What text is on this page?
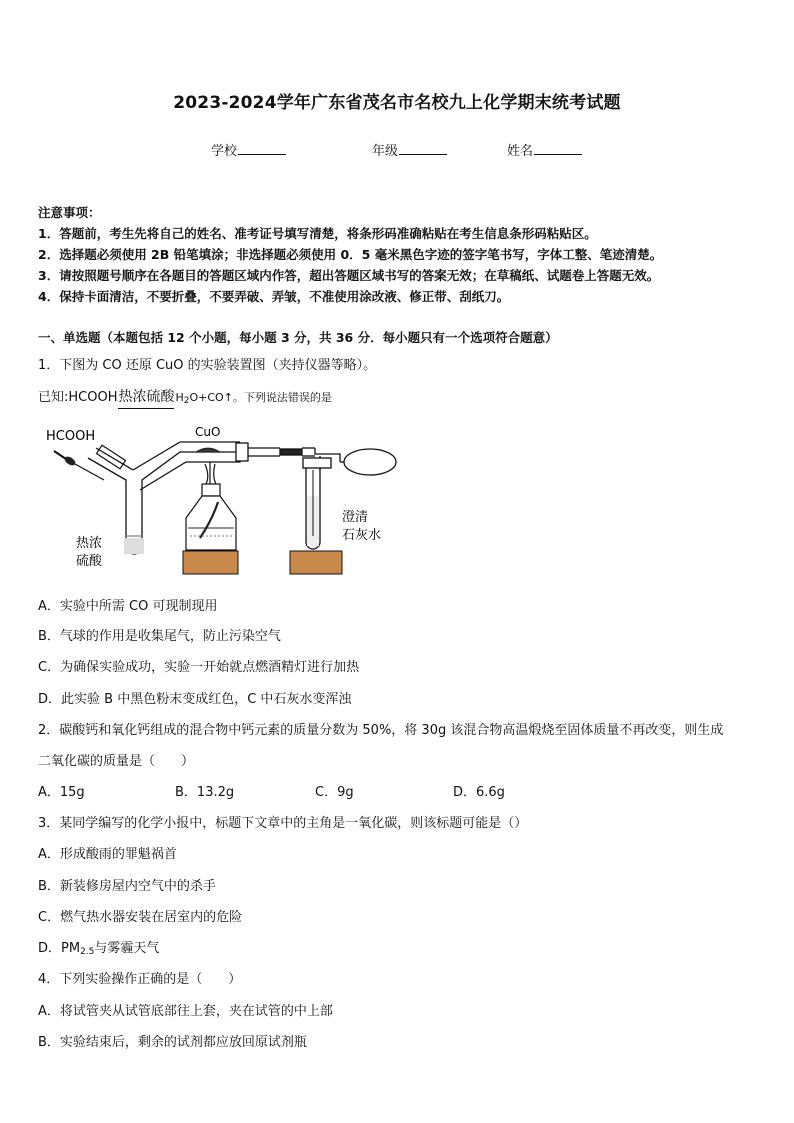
2023-2024学年广东省茂名市名校九上化学期末统考试题
学校	年级	姓名
注意事项：
1．答题前，考生先将自己的姓名、准考证号填写清楚，将条形码准确粘贴在考生信息条形码粘贴区。
2．选择题必须使用 2B 铅笔填涂；非选择题必须使用 0．5 毫米黑色字迹的签字笔书写，字体工整、笔迹清楚。
3．请按照题号顺序在各题目的答题区域内作答，超出答题区域书写的答案无效；在草稿纸、试题卷上答题无效。
4．保持卡面清洁，不要折叠，不要弄破、弄皱，不准使用涂改液、修正带、刮纸刀。
一、单选题（本题包括 12 个小题，每小题 3 分，共 36 分．每小题只有一个选项符合题意）
1．下图为 CO 还原 CuO 的实验装置图（夹持仪器等略）。
已知:HCOOH热浓硫酸$H_2O+CO↑$。下列说法错误的是
HCOOH	CuO
热浓
硫酸
澄清
石灰水
A．实验中所需 CO 可现制现用
B．气球的作用是收集尾气，防止污染空气
C．为确保实验成功，实验一开始就点燃酒精灯进行加热
D．此实验 B 中黑色粉末变成红色，C 中石灰水变浑浊
2．碳酸钙和氧化钙组成的混合物中钙元素的质量分数为 50%，将 30g 该混合物高温煅烧至固体质量不再改变，则生成
二氧化碳的质量是（　　）
A．15g	B．13.2g	C．9g	D．6.6g
3．某同学编写的化学小报中，标题下文章中的主角是一氧化碳，则该标题可能是（）
A．形成酸雨的罪魁祸首
B．新装修房屋内空气中的杀手
C．燃气热水器安装在居室内的危险
D．$PM_{2.5}$与雾霾天气
4．下列实验操作正确的是（　　）
A．将试管夹从试管底部往上套，夹在试管的中上部
B．实验结束后，剩余的试剂都应放回原试剂瓶
